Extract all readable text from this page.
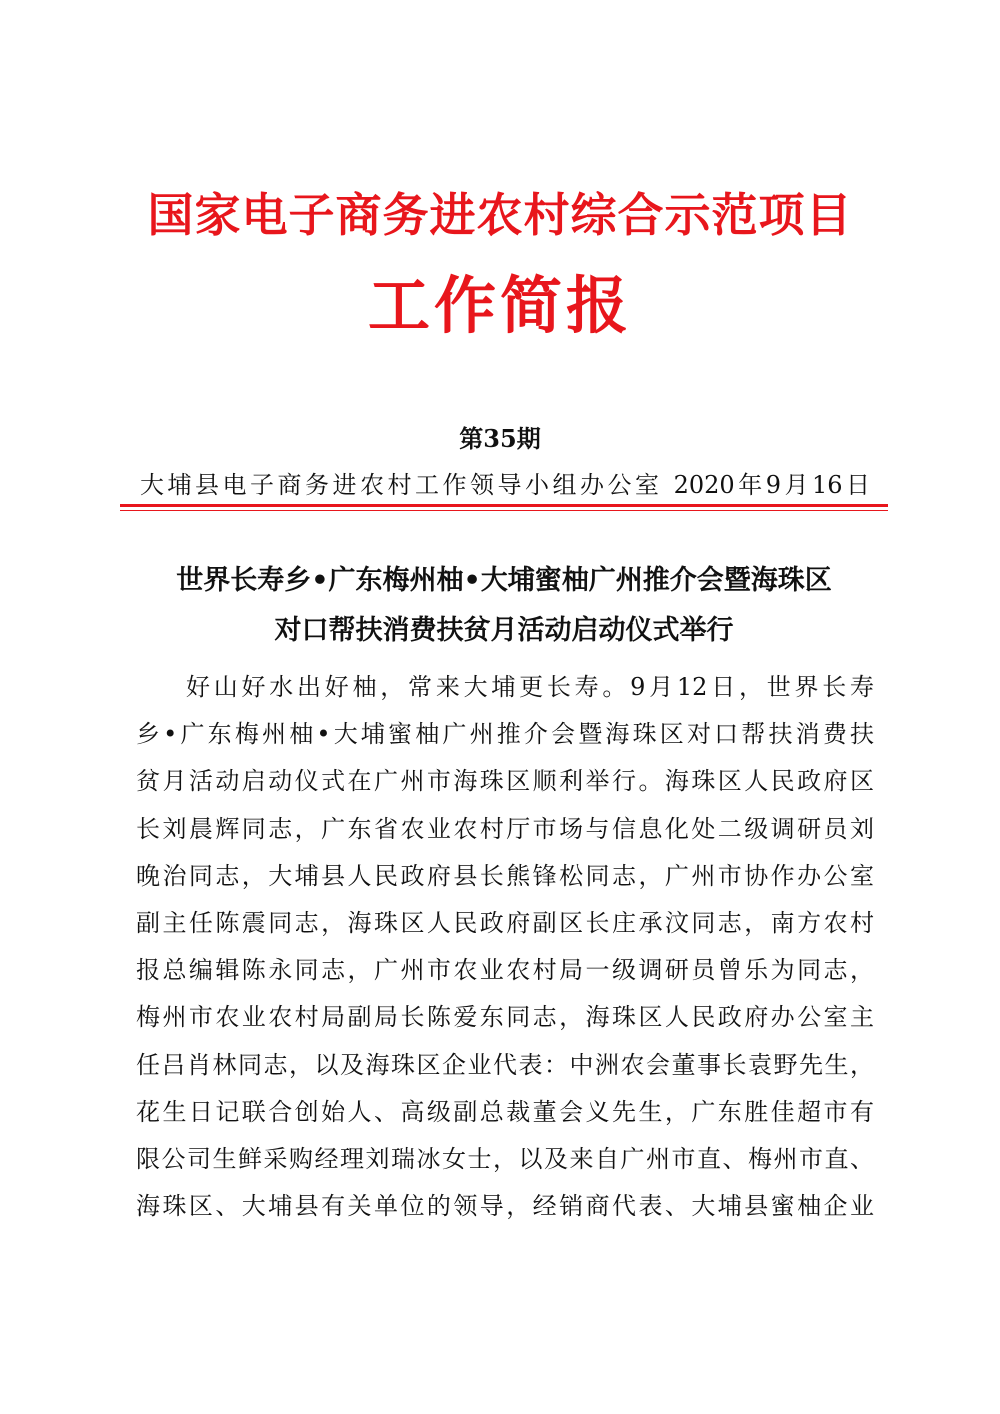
国家电子商务进农村综合示范项目
工作简报
第35期
大埔县电子商务进农村工作领导小组办公室 2020年9月16日
世界长寿乡•广东梅州柚•大埔蜜柚广州推介会暨海珠区
对口帮扶消费扶贫月活动启动仪式举行
好山好水出好柚，常来大埔更长寿。9月12日，世界长寿
乡•广东梅州柚•大埔蜜柚广州推介会暨海珠区对口帮扶消费扶
贫月活动启动仪式在广州市海珠区顺利举行。海珠区人民政府区
长刘晨辉同志，广东省农业农村厅市场与信息化处二级调研员刘
晚治同志，大埔县人民政府县长熊锋松同志，广州市协作办公室
副主任陈震同志，海珠区人民政府副区长庄承汶同志，南方农村
报总编辑陈永同志，广州市农业农村局一级调研员曾乐为同志，
梅州市农业农村局副局长陈爱东同志，海珠区人民政府办公室主
任吕肖林同志，以及海珠区企业代表：中洲农会董事长袁野先生，
花生日记联合创始人、高级副总裁董会义先生，广东胜佳超市有
限公司生鲜采购经理刘瑞冰女士，以及来自广州市直、梅州市直、
海珠区、大埔县有关单位的领导，经销商代表、大埔县蜜柚企业
